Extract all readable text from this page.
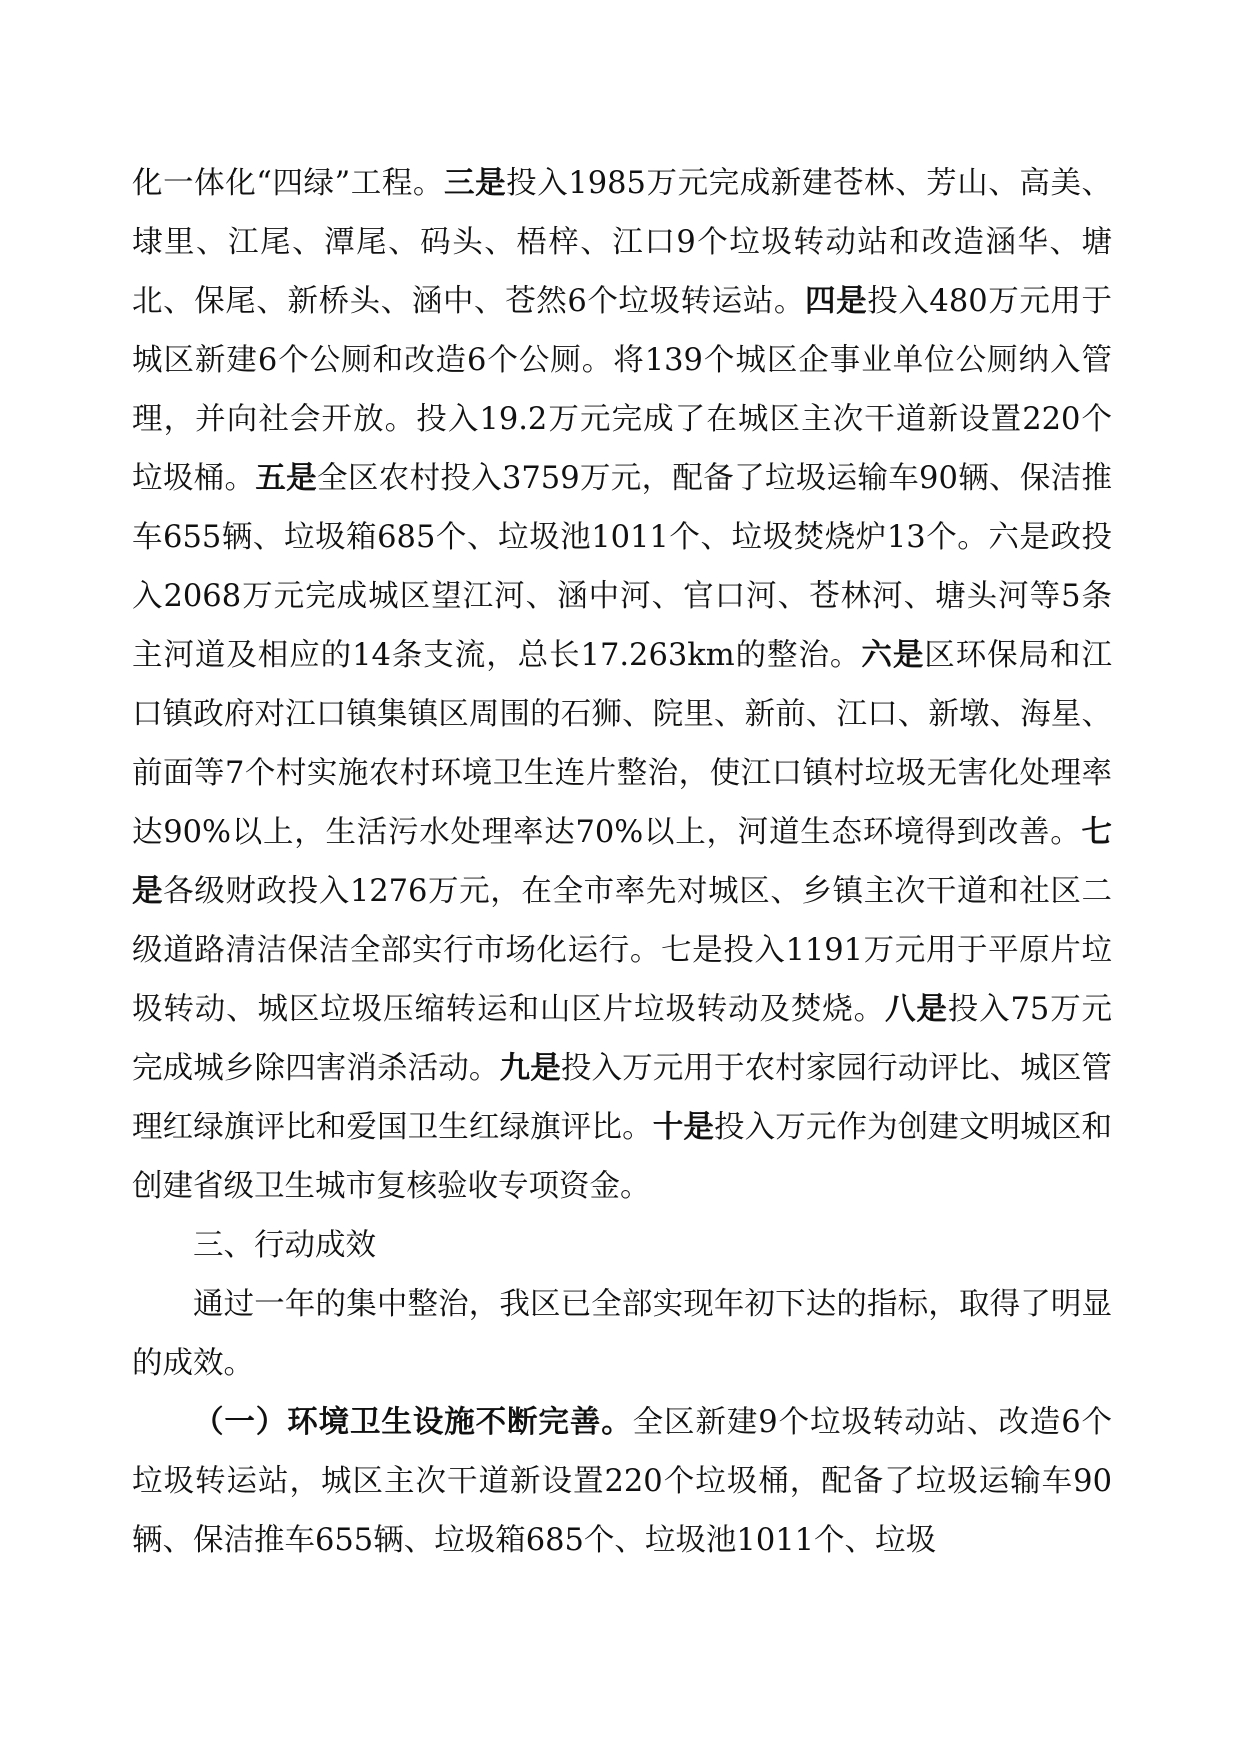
化一体化“四绿”工程。三是投入1985万元完成新建苍林、芳山、高美、埭里、江尾、潭尾、码头、梧梓、江口9个垃圾转动站和改造涵华、塘北、保尾、新桥头、涵中、苍然6个垃圾转运站。四是投入480万元用于城区新建6个公厕和改造6个公厕。将139个城区企事业单位公厕纳入管理，并向社会开放。投入19.2万元完成了在城区主次干道新设置220个垃圾桶。五是全区农村投入3759万元，配备了垃圾运输车90辆、保洁推车655辆、垃圾箱685个、垃圾池1011个、垃圾焚烧炉13个。六是政投入2068万元完成城区望江河、涵中河、官口河、苍林河、塘头河等5条主河道及相应的14条支流，总长17.263km的整治。六是区环保局和江口镇政府对江口镇集镇区周围的石狮、院里、新前、江口、新墩、海星、前面等7个村实施农村环境卫生连片整治，使江口镇村垃圾无害化处理率达90%以上，生活污水处理率达70%以上，河道生态环境得到改善。七是各级财政投入1276万元，在全市率先对城区、乡镇主次干道和社区二级道路清洁保洁全部实行市场化运行。七是投入1191万元用于平原片垃圾转动、城区垃圾压缩转运和山区片垃圾转动及焚烧。八是投入75万元完成城乡除四害消杀活动。九是投入万元用于农村家园行动评比、城区管理红绿旗评比和爱国卫生红绿旗评比。十是投入万元作为创建文明城区和创建省级卫生城市复核验收专项资金。

三、行动成效

通过一年的集中整治，我区已全部实现年初下达的指标，取得了明显的成效。

（一）环境卫生设施不断完善。全区新建9个垃圾转动站、改造6个垃圾转运站，城区主次干道新设置220个垃圾桶，配备了垃圾运输车90辆、保洁推车655辆、垃圾箱685个、垃圾池1011个、垃圾
